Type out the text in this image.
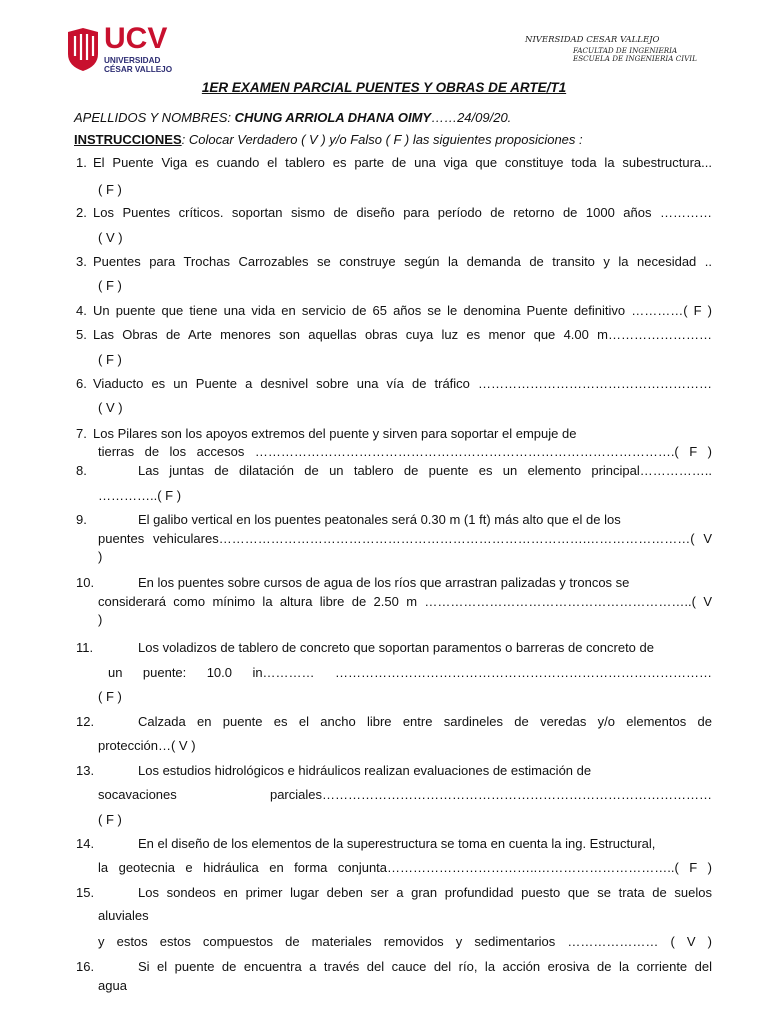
UCV
UNIVERSIDAD
CÉSAR VALLEJO
NIVERSIDAD CESAR VALLEJO
FACULTAD DE INGENIERIA
ESCUELA DE INGENIERIA CIVIL
1ER EXAMEN PARCIAL PUENTES Y OBRAS DE ARTE/T1
APELLIDOS Y NOMBRES: CHUNG ARRIOLA DHANA OIMY……24/09/20.
INSTRUCCIONES: Colocar Verdadero ( V ) y/o Falso ( F ) las siguientes proposiciones :
1. El Puente Viga es cuando el tablero es parte de una viga que constituye toda la subestructura...
( F )
2. Los Puentes críticos. soportan sismo de diseño para período de retorno de 1000 años …………
( V )
3. Puentes para Trochas Carrozables se construye según la demanda de transito y la necesidad ..
( F )
4. Un puente que tiene una vida en servicio de 65 años se le denomina Puente definitivo …………( F )
5. Las Obras de Arte menores son aquellas obras cuya luz es menor que 4.00 m……………………
( F )
6. Viaducto es un Puente a desnivel sobre una vía de tráfico ………………………………………………
( V )
7. Los Pilares son los apoyos extremos del puente y sirven para soportar el empuje de
tierras de los accesos …………………………………………………………………………………….( F )
8.	Las juntas de dilatación de un tablero de puente es un elemento principal……………..
…………..( F )
9.	El galibo vertical en los puentes peatonales será 0.30 m (1 ft) más alto que el de los
puentes vehiculares………………………………………………………………………….……………………( V
)
10.	En los puentes sobre cursos de agua de los ríos que arrastran palizadas y troncos se
considerará como mínimo la altura libre de 2.50 m ……………………………………………………..( V
)
11.	Los voladizos de tablero de concreto que soportan paramentos o barreras de concreto de
un puente: 10.0 in………… ……………………………………………………………………………
( F )
12.	Calzada en puente es el ancho libre entre sardineles de veredas y/o elementos de
protección…( V )
13.	Los estudios hidrológicos e hidráulicos realizan evaluaciones de estimación de
socavaciones parciales………………………………………………………………………………
( F )
14.	En el diseño de los elementos de la superestructura se toma en cuenta la ing. Estructural,
la geotecnia e hidráulica en forma conjunta……………………………..…………………………..( F )
15.	Los sondeos en primer lugar deben ser a gran profundidad puesto que se trata de suelos
aluviales
y estos estos compuestos de materiales removidos y sedimentarios ………………… ( V )
16.	Si el puente de encuentra a través del cauce del río, la acción erosiva de la corriente del
agua
